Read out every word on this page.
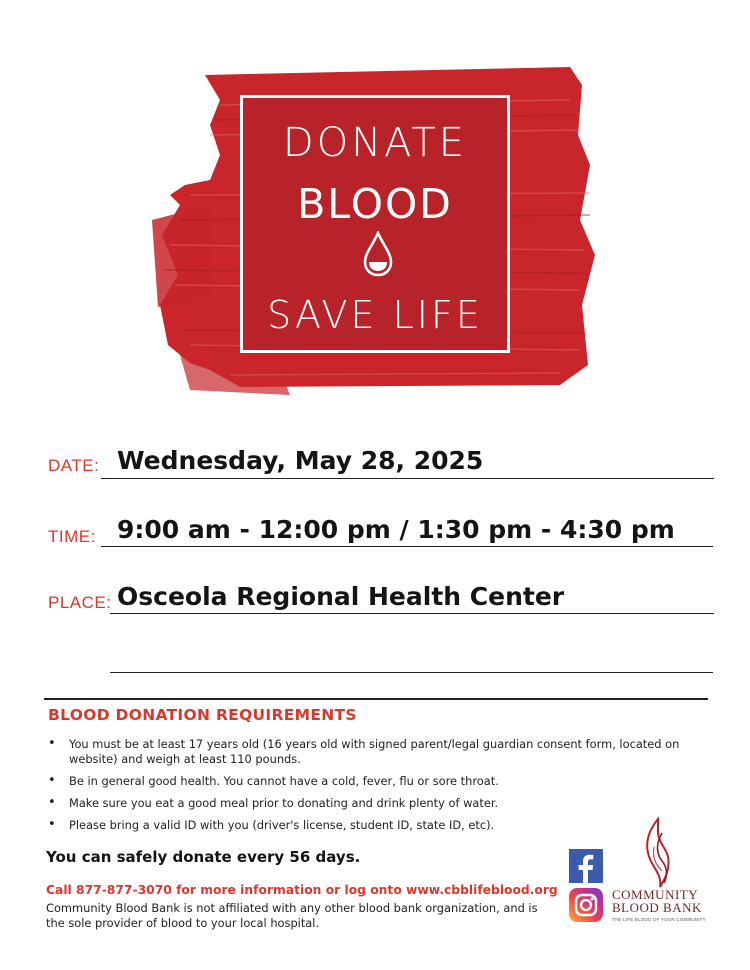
DONATE
BLOOD
SAVE LIFE
DATE: Wednesday, May 28, 2025
TIME: 9:00 am - 12:00 pm / 1:30 pm - 4:30 pm
PLACE: Osceola Regional Health Center
BLOOD DONATION REQUIREMENTS
• You must be at least 17 years old (16 years old with signed parent/legal guardian consent form, located on website) and weigh at least 110 pounds.
• Be in general good health. You cannot have a cold, fever, flu or sore throat.
• Make sure you eat a good meal prior to donating and drink plenty of water.
• Please bring a valid ID with you (driver's license, student ID, state ID, etc).
You can safely donate every 56 days.
Call 877-877-3070 for more information or log onto www.cbblifeblood.org
Community Blood Bank is not affiliated with any other blood bank organization, and is the sole provider of blood to your local hospital.
COMMUNITY
BLOOD BANK
THE LIFE BLOOD OF YOUR COMMUNITY
